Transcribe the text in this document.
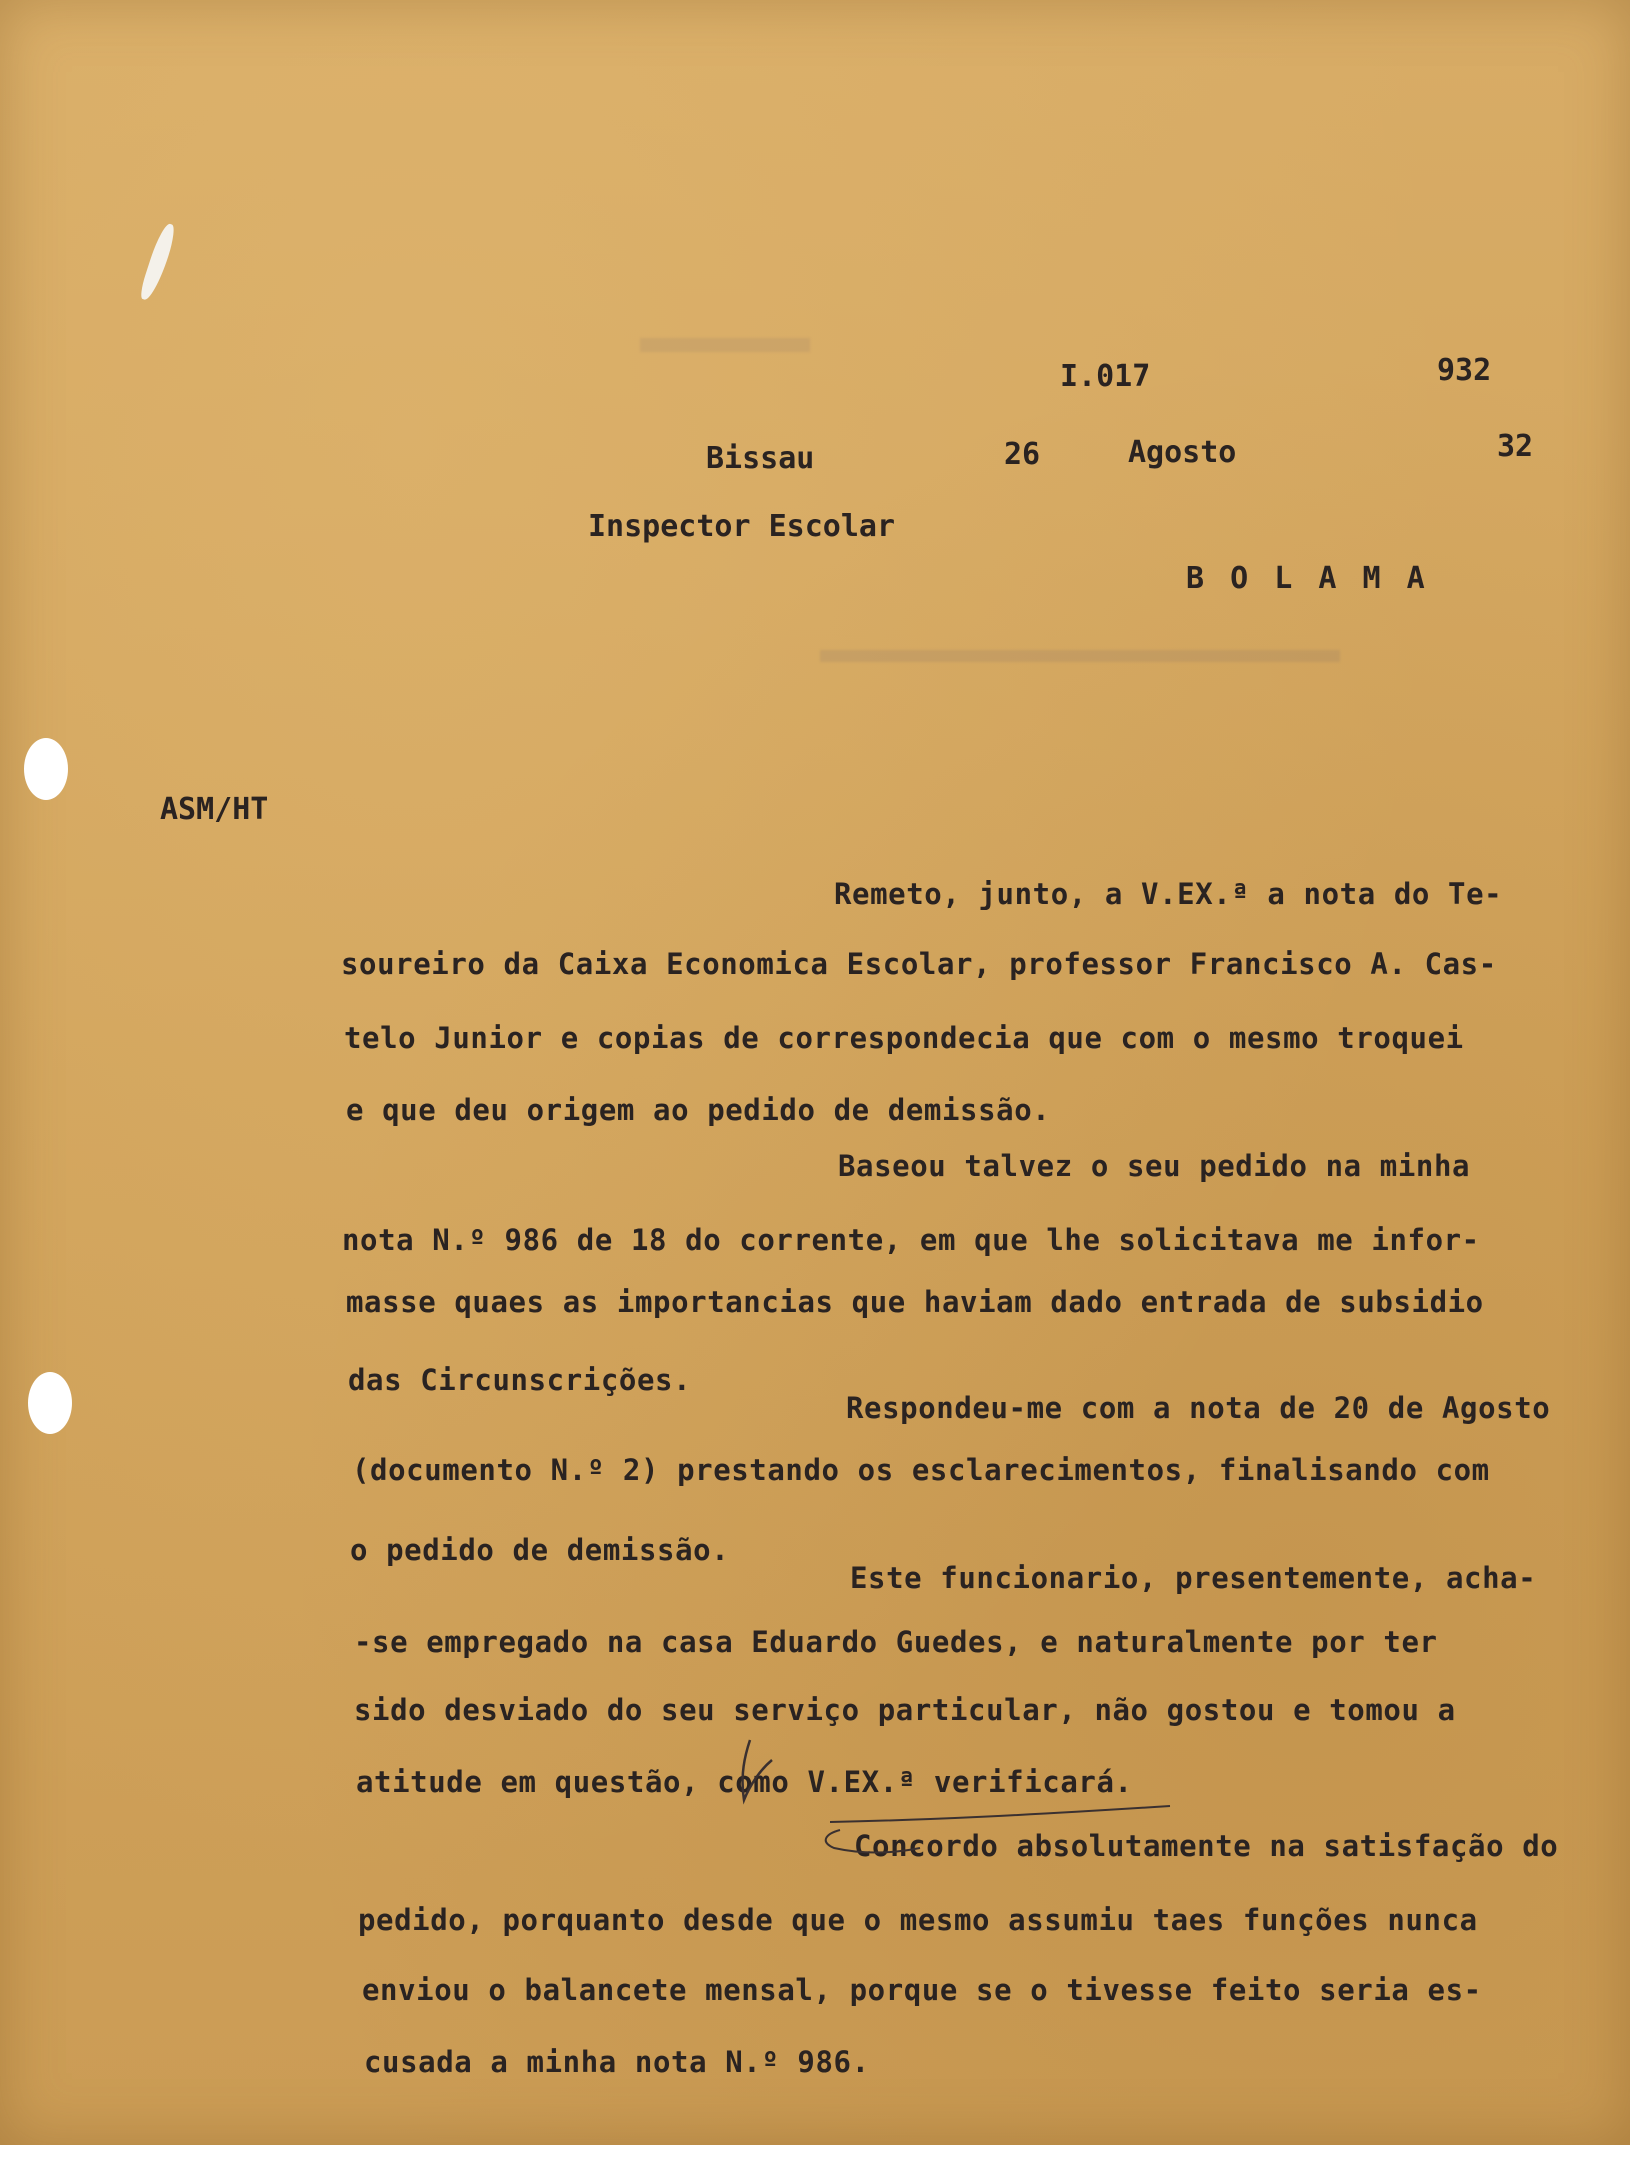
I.017	932

Bissau	26	Agosto	32

Inspector Escolar

B O L A M A

ASM/HT

Remeto, junto, a V.EX.ª a nota do Te-

soureiro da Caixa Economica Escolar, professor Francisco A. Cas-

telo Junior e copias de correspondecia que com o mesmo troquei

e que deu origem ao pedido de demissão.

Baseou talvez o seu pedido na minha

nota N.º 986 de 18 do corrente, em que lhe solicitava me infor-

masse quaes as importancias que haviam dado entrada de subsidio

das Circunscrições.

Respondeu-me com a nota de 20 de Agosto

(documento N.º 2) prestando os esclarecimentos, finalisando com

o pedido de demissão.

Este funcionario, presentemente, acha-

-se empregado na casa Eduardo Guedes, e naturalmente por ter

sido desviado do seu serviço particular, não gostou e tomou a

atitude em questão, como V.EX.ª verificará.

Concordo absolutamente na satisfação do

pedido, porquanto desde que o mesmo assumiu taes funções nunca

enviou o balancete mensal, porque se o tivesse feito seria es-

cusada a minha nota N.º 986.
